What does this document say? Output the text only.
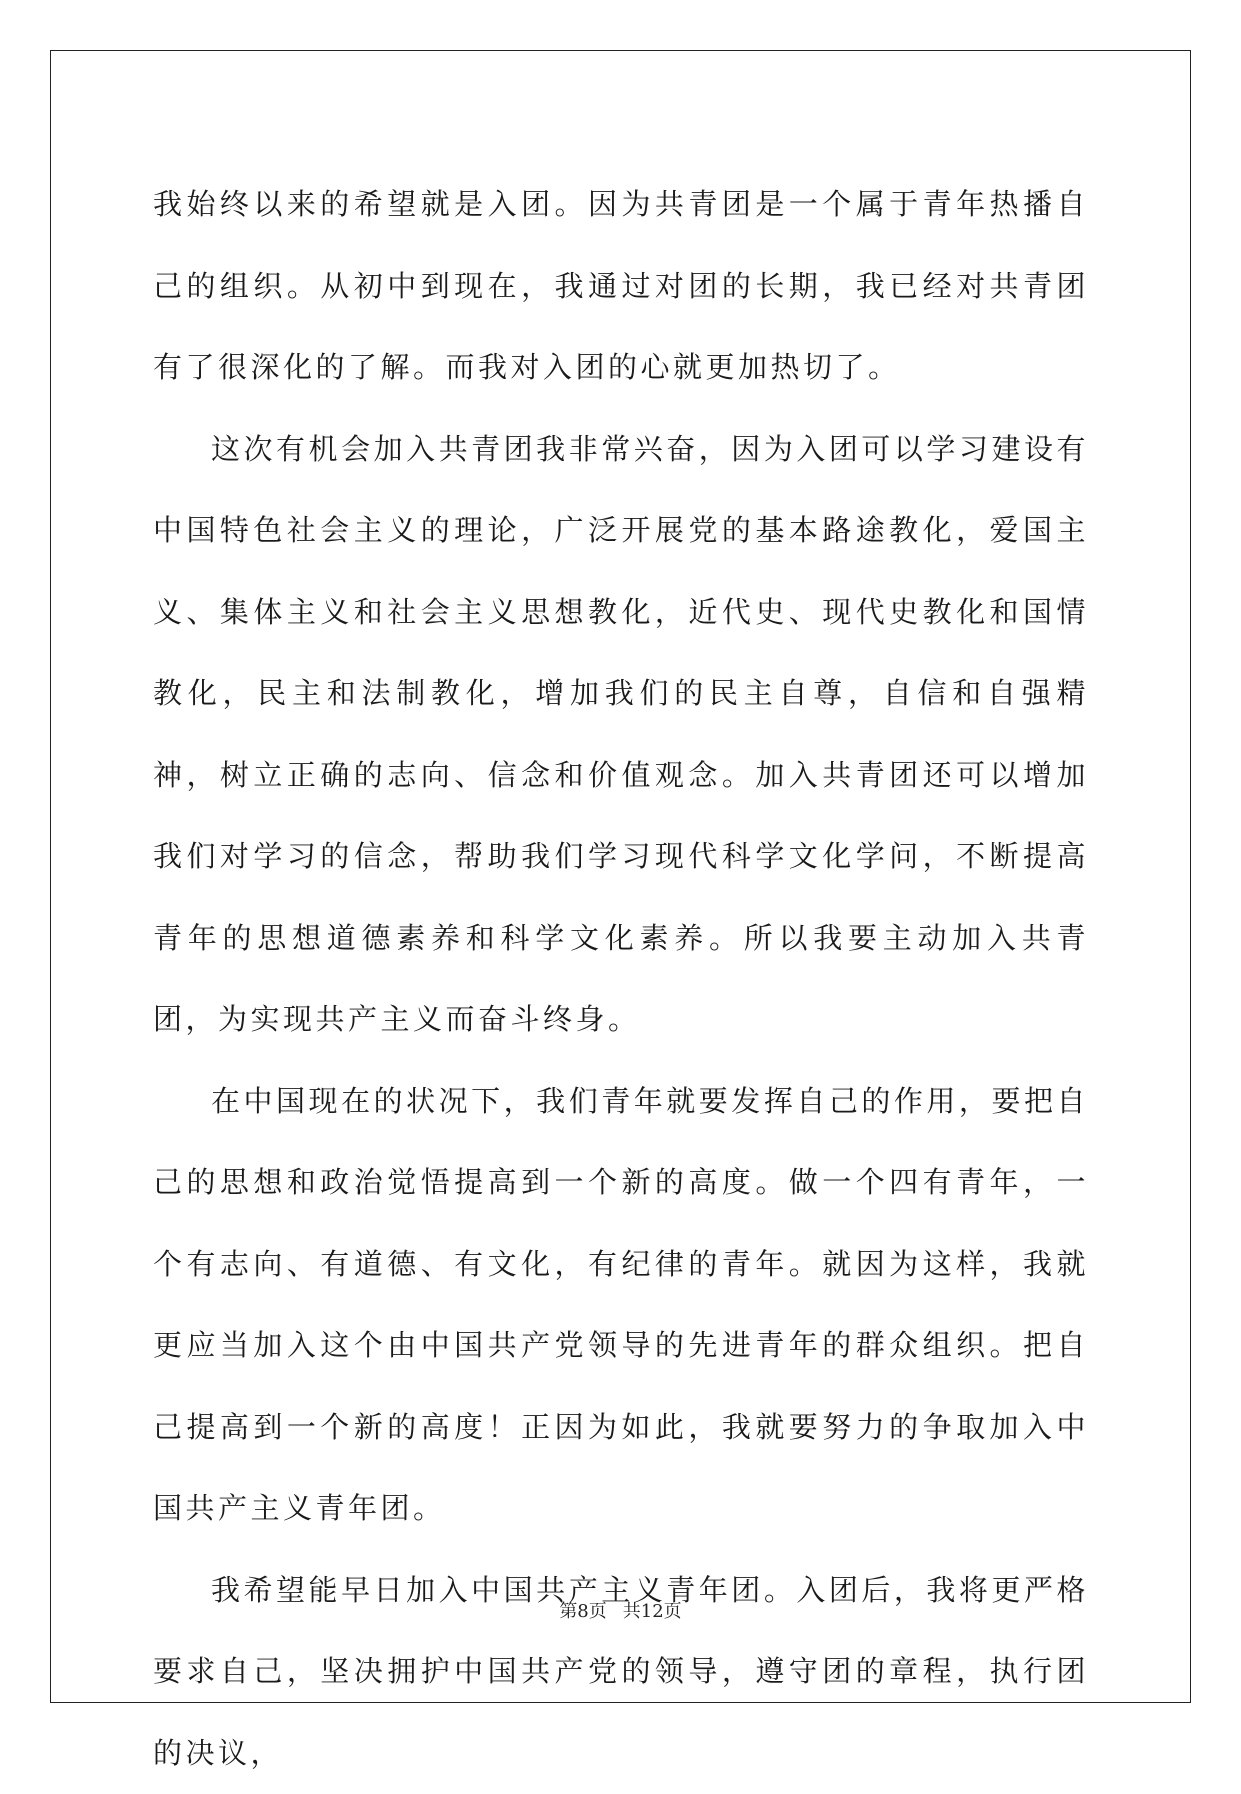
我始终以来的希望就是入团。因为共青团是一个属于青年热播自己的组织。从初中到现在，我通过对团的长期，我已经对共青团有了很深化的了解。而我对入团的心就更加热切了。

这次有机会加入共青团我非常兴奋，因为入团可以学习建设有中国特色社会主义的理论，广泛开展党的基本路途教化，爱国主义、集体主义和社会主义思想教化，近代史、现代史教化和国情教化，民主和法制教化，增加我们的民主自尊，自信和自强精神，树立正确的志向、信念和价值观念。加入共青团还可以增加我们对学习的信念，帮助我们学习现代科学文化学问，不断提高青年的思想道德素养和科学文化素养。所以我要主动加入共青团，为实现共产主义而奋斗终身。

在中国现在的状况下，我们青年就要发挥自己的作用，要把自己的思想和政治觉悟提高到一个新的高度。做一个四有青年，一个有志向、有道德、有文化，有纪律的青年。就因为这样，我就更应当加入这个由中国共产党领导的先进青年的群众组织。把自己提高到一个新的高度！正因为如此，我就要努力的争取加入中国共产主义青年团。

我希望能早日加入中国共产主义青年团。入团后，我将更严格要求自己，坚决拥护中国共产党的领导，遵守团的章程，执行团的决议，

第8页 共12页
